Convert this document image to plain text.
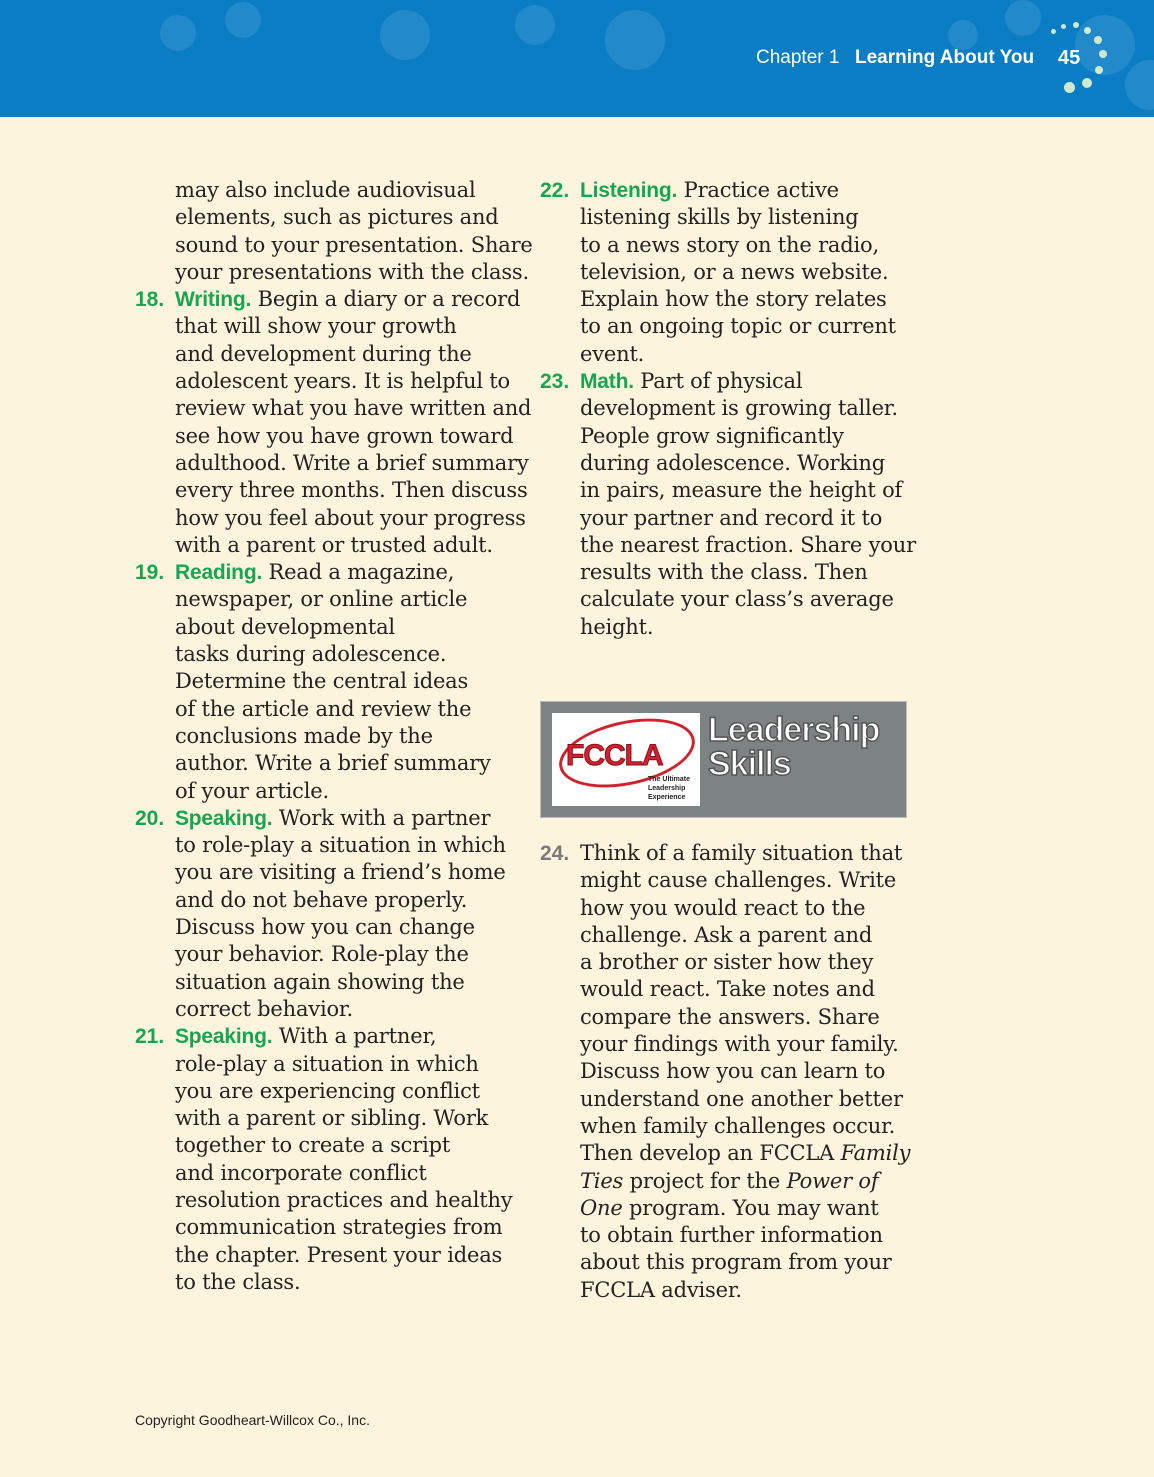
Chapter 1 Learning About You 45
may also include audiovisual
elements, such as pictures and
sound to your presentation. Share
your presentations with the class.
18. Writing. Begin a diary or a record
that will show your growth
and development during the
adolescent years. It is helpful to
review what you have written and
see how you have grown toward
adulthood. Write a brief summary
every three months. Then discuss
how you feel about your progress
with a parent or trusted adult.
19. Reading. Read a magazine,
newspaper, or online article
about developmental
tasks during adolescence.
Determine the central ideas
of the article and review the
conclusions made by the
author. Write a brief summary
of your article.
20. Speaking. Work with a partner
to role-play a situation in which
you are visiting a friend’s home
and do not behave properly.
Discuss how you can change
your behavior. Role-play the
situation again showing the
correct behavior.
21. Speaking. With a partner,
role-play a situation in which
you are experiencing conflict
with a parent or sibling. Work
together to create a script
and incorporate conflict
resolution practices and healthy
communication strategies from
the chapter. Present your ideas
to the class.
22. Listening. Practice active
listening skills by listening
to a news story on the radio,
television, or a news website.
Explain how the story relates
to an ongoing topic or current
event.
23. Math. Part of physical
development is growing taller.
People grow significantly
during adolescence. Working
in pairs, measure the height of
your partner and record it to
the nearest fraction. Share your
results with the class. Then
calculate your class’s average
height.
FCCLA
The Ultimate
Leadership
Experience
Leadership
Skills
24. Think of a family situation that
might cause challenges. Write
how you would react to the
challenge. Ask a parent and
a brother or sister how they
would react. Take notes and
compare the answers. Share
your findings with your family.
Discuss how you can learn to
understand one another better
when family challenges occur.
Then develop an FCCLA Family
Ties project for the Power of
One program. You may want
to obtain further information
about this program from your
FCCLA adviser.
Copyright Goodheart-Willcox Co., Inc.
